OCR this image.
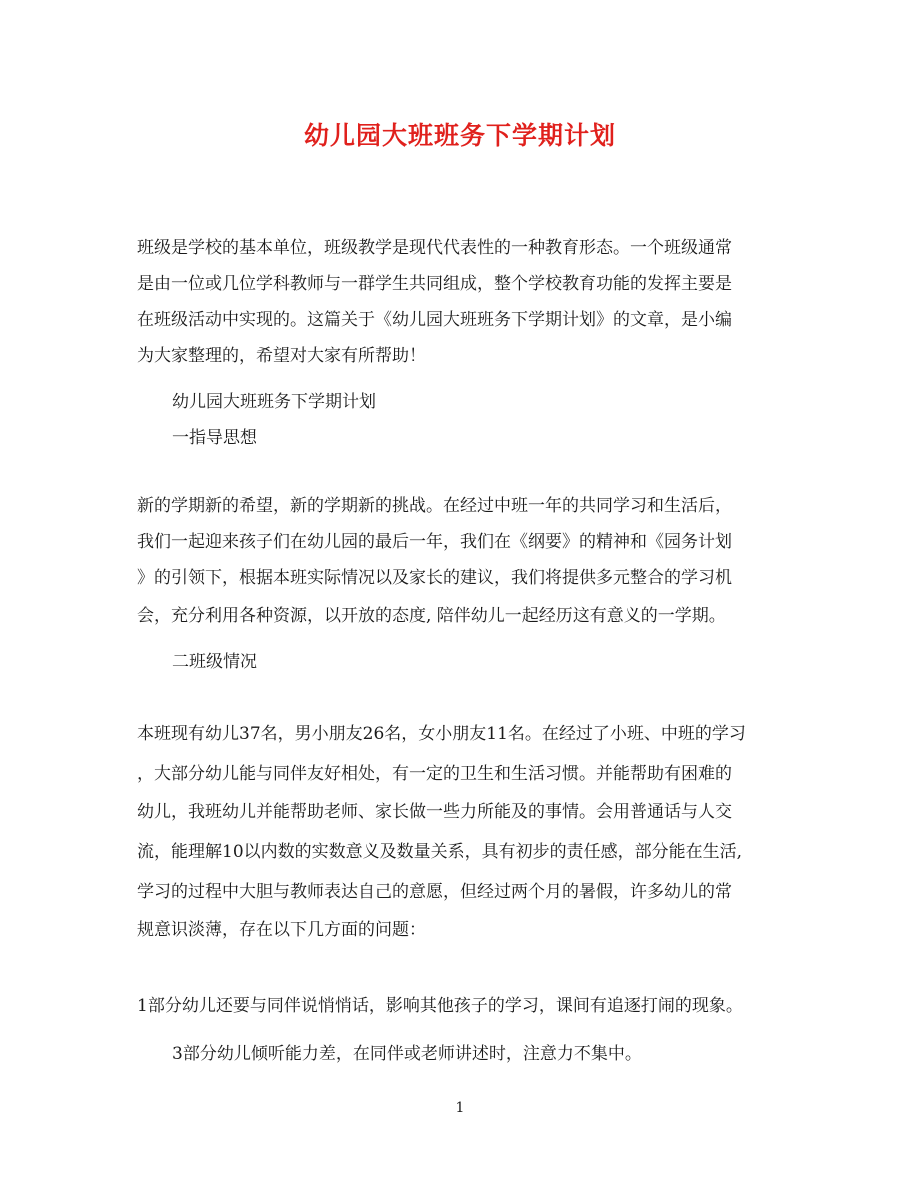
幼儿园大班班务下学期计划
班级是学校的基本单位，班级教学是现代代表性的一种教育形态。一个班级通常
是由一位或几位学科教师与一群学生共同组成，整个学校教育功能的发挥主要是
在班级活动中实现的。这篇关于《幼儿园大班班务下学期计划》的文章，是小编
为大家整理的，希望对大家有所帮助！
幼儿园大班班务下学期计划
一指导思想
新的学期新的希望，新的学期新的挑战。在经过中班一年的共同学习和生活后，
我们一起迎来孩子们在幼儿园的最后一年，我们在《纲要》的精神和《园务计划
》的引领下，根据本班实际情况以及家长的建议，我们将提供多元整合的学习机
会，充分利用各种资源，以开放的态度, 陪伴幼儿一起经历这有意义的一学期。
二班级情况
本班现有幼儿37名，男小朋友26名，女小朋友11名。在经过了小班、中班的学习
，大部分幼儿能与同伴友好相处，有一定的卫生和生活习惯。并能帮助有困难的
幼儿，我班幼儿并能帮助老师、家长做一些力所能及的事情。会用普通话与人交
流，能理解10以内数的实数意义及数量关系，具有初步的责任感，部分能在生活,
学习的过程中大胆与教师表达自己的意愿，但经过两个月的暑假，许多幼儿的常
规意识淡薄，存在以下几方面的问题：
1部分幼儿还要与同伴说悄悄话，影响其他孩子的学习，课间有追逐打闹的现象。
3部分幼儿倾听能力差，在同伴或老师讲述时，注意力不集中。
1
